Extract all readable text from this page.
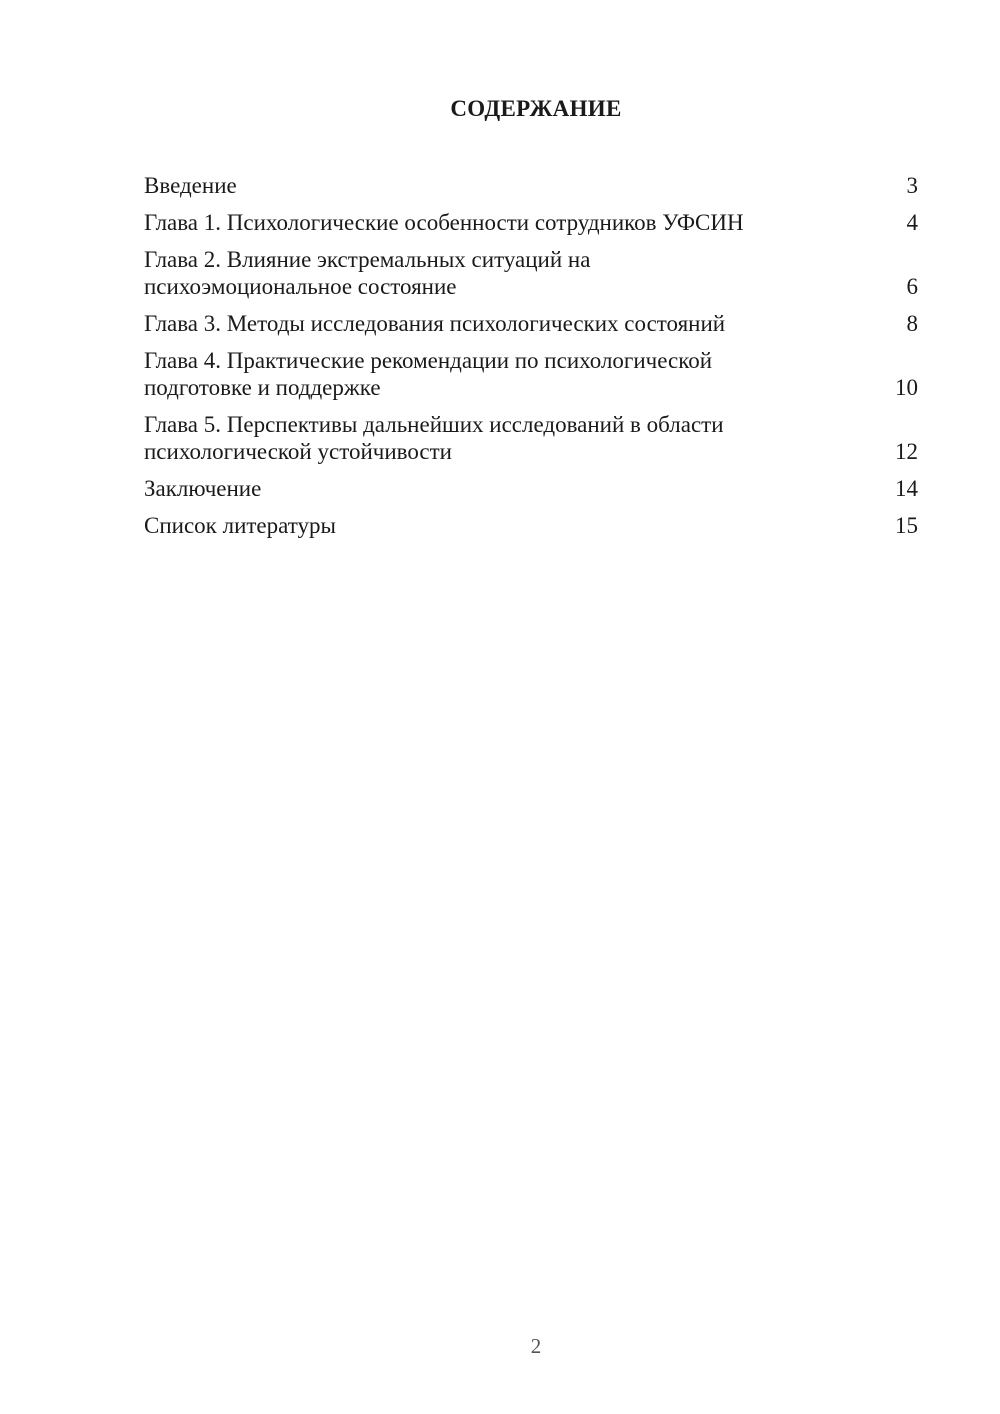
СОДЕРЖАНИЕ
Введение	3
Глава 1. Психологические особенности сотрудников УФСИН	4
Глава 2. Влияние экстремальных ситуаций на
психоэмоциональное состояние	6
Глава 3. Методы исследования психологических состояний	8
Глава 4. Практические рекомендации по психологической
подготовке и поддержке	10
Глава 5. Перспективы дальнейших исследований в области
психологической устойчивости	12
Заключение	14
Список литературы	15
2
